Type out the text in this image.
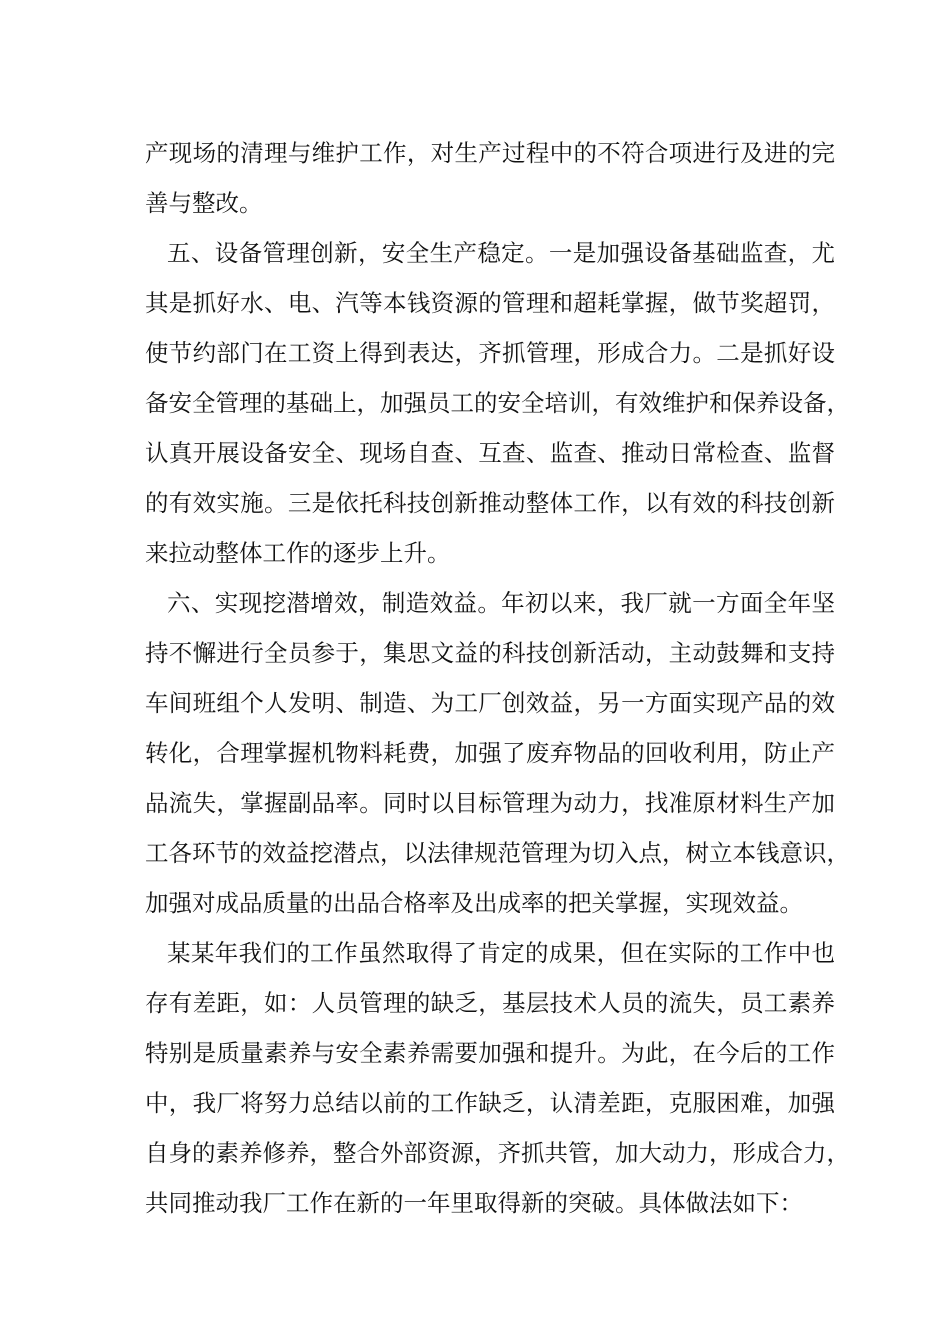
产现场的清理与维护工作，对生产过程中的不符合项进行及进的完
善与整改。
五、设备管理创新，安全生产稳定。一是加强设备基础监查，尤
其是抓好水、电、汽等本钱资源的管理和超耗掌握，做节奖超罚，
使节约部门在工资上得到表达，齐抓管理，形成合力。二是抓好设
备安全管理的基础上，加强员工的安全培训，有效维护和保养设备，
认真开展设备安全、现场自查、互查、监查、推动日常检查、监督
的有效实施。三是依托科技创新推动整体工作，以有效的科技创新
来拉动整体工作的逐步上升。
六、实现挖潜增效，制造效益。年初以来，我厂就一方面全年坚
持不懈进行全员参于，集思文益的科技创新活动，主动鼓舞和支持
车间班组个人发明、制造、为工厂创效益，另一方面实现产品的效
转化，合理掌握机物料耗费，加强了废弃物品的回收利用，防止产
品流失，掌握副品率。同时以目标管理为动力，找准原材料生产加
工各环节的效益挖潜点，以法律规范管理为切入点，树立本钱意识，
加强对成品质量的出品合格率及出成率的把关掌握，实现效益。
某某年我们的工作虽然取得了肯定的成果，但在实际的工作中也
存有差距，如：人员管理的缺乏，基层技术人员的流失，员工素养
特别是质量素养与安全素养需要加强和提升。为此，在今后的工作
中，我厂将努力总结以前的工作缺乏，认清差距，克服困难，加强
自身的素养修养，整合外部资源，齐抓共管，加大动力，形成合力，
共同推动我厂工作在新的一年里取得新的突破。具体做法如下：
